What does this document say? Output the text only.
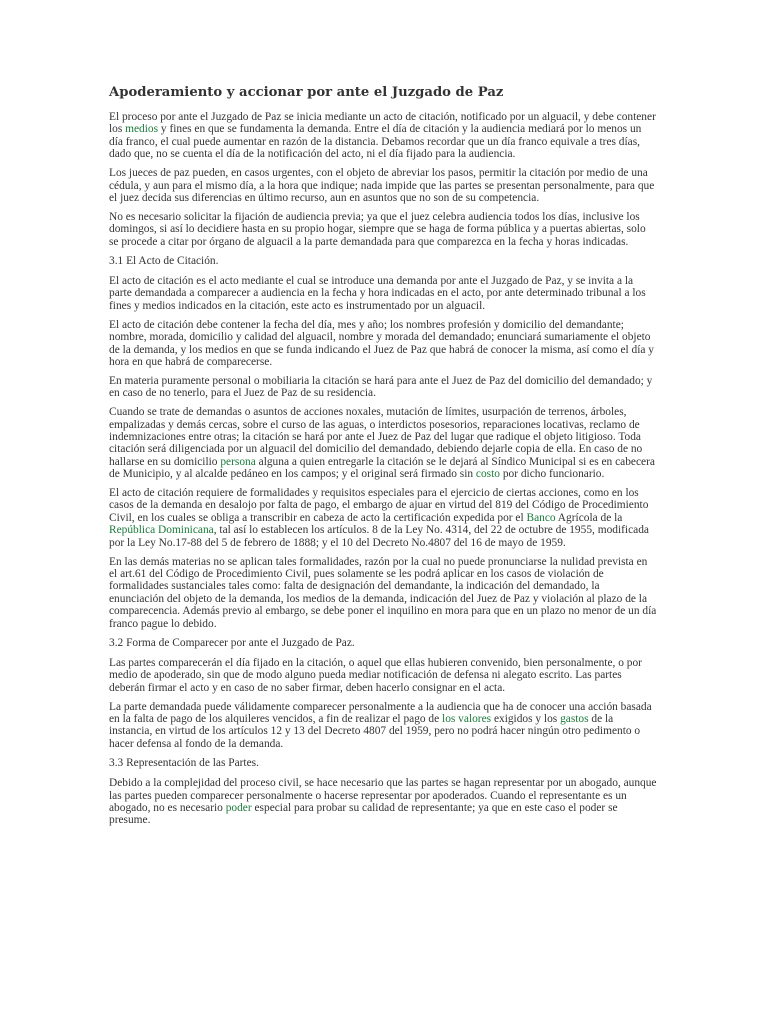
Apoderamiento y accionar por ante el Juzgado de Paz

El proceso por ante el Juzgado de Paz se inicia mediante un acto de citación, notificado por un alguacil, y debe contener los medios y fines en que se fundamenta la demanda. Entre el día de citación y la audiencia mediará por lo menos un día franco, el cual puede aumentar en razón de la distancia. Debamos recordar que un día franco equivale a tres días, dado que, no se cuenta el día de la notificación del acto, ni el día fijado para la audiencia.

Los jueces de paz pueden, en casos urgentes, con el objeto de abreviar los pasos, permitir la citación por medio de una cédula, y aun para el mismo día, a la hora que indique; nada impide que las partes se presentan personalmente, para que el juez decida sus diferencias en último recurso, aun en asuntos que no son de su competencia.

No es necesario solicitar la fijación de audiencia previa; ya que el juez celebra audiencia todos los días, inclusive los domingos, si así lo decidiere hasta en su propio hogar, siempre que se haga de forma pública y a puertas abiertas, solo se procede a citar por órgano de alguacil a la parte demandada para que comparezca en la fecha y horas indicadas.

3.1 El Acto de Citación.

El acto de citación es el acto mediante el cual se introduce una demanda por ante el Juzgado de Paz, y se invita a la parte demandada a comparecer a audiencia en la fecha y hora indicadas en el acto, por ante determinado tribunal a los fines y medios indicados en la citación, este acto es instrumentado por un alguacil.

El acto de citación debe contener la fecha del día, mes y año; los nombres profesión y domicilio del demandante; nombre, morada, domicilio y calidad del alguacil, nombre y morada del demandado; enunciará sumariamente el objeto de la demanda, y los medios en que se funda indicando el Juez de Paz que habrá de conocer la misma, así como el día y hora en que habrá de comparecerse.

En materia puramente personal o mobiliaria la citación se hará para ante el Juez de Paz del domicilio del demandado; y en caso de no tenerlo, para el Juez de Paz de su residencia.

Cuando se trate de demandas o asuntos de acciones noxales, mutación de límites, usurpación de terrenos, árboles, empalizadas y demás cercas, sobre el curso de las aguas, o interdictos posesorios, reparaciones locativas, reclamo de indemnizaciones entre otras; la citación se hará por ante el Juez de Paz del lugar que radique el objeto litigioso. Toda citación será diligenciada por un alguacil del domicilio del demandado, debiendo dejarle copia de ella. En caso de no hallarse en su domicilio persona alguna a quien entregarle la citación se le dejará al Síndico Municipal si es en cabecera de Municipio, y al alcalde pedáneo en los campos; y el original será firmado sin costo por dicho funcionario.

El acto de citación requiere de formalidades y requisitos especiales para el ejercicio de ciertas acciones, como en los casos de la demanda en desalojo por falta de pago, el embargo de ajuar en virtud del 819 del Código de Procedimiento Civil, en los cuales se obliga a transcribir en cabeza de acto la certificación expedida por el Banco Agrícola de la República Dominicana, tal así lo establecen los artículos. 8 de la Ley No. 4314, del 22 de octubre de 1955, modificada por la Ley No.17-88 del 5 de febrero de 1888; y el 10 del Decreto No.4807 del 16 de mayo de 1959.

En las demás materias no se aplican tales formalidades, razón por la cual no puede pronunciarse la nulidad prevista en el art.61 del Código de Procedimiento Civil, pues solamente se les podrá aplicar en los casos de violación de formalidades sustanciales tales como: falta de designación del demandante, la indicación del demandado, la enunciación del objeto de la demanda, los medios de la demanda, indicación del Juez de Paz y violación al plazo de la comparecencia. Además previo al embargo, se debe poner el inquilino en mora para que en un plazo no menor de un día franco pague lo debido.

3.2 Forma de Comparecer por ante el Juzgado de Paz.

Las partes comparecerán el día fijado en la citación, o aquel que ellas hubieren convenido, bien personalmente, o por medio de apoderado, sin que de modo alguno pueda mediar notificación de defensa ni alegato escrito. Las partes deberán firmar el acto y en caso de no saber firmar, deben hacerlo consignar en el acta.

La parte demandada puede válidamente comparecer personalmente a la audiencia que ha de conocer una acción basada en la falta de pago de los alquileres vencidos, a fin de realizar el pago de los valores exigidos y los gastos de la instancia, en virtud de los artículos 12 y 13 del Decreto 4807 del 1959, pero no podrá hacer ningún otro pedimento o hacer defensa al fondo de la demanda.

3.3 Representación de las Partes.

Debido a la complejidad del proceso civil, se hace necesario que las partes se hagan representar por un abogado, aunque las partes pueden comparecer personalmente o hacerse representar por apoderados. Cuando el representante es un abogado, no es necesario poder especial para probar su calidad de representante; ya que en este caso el poder se presume.
